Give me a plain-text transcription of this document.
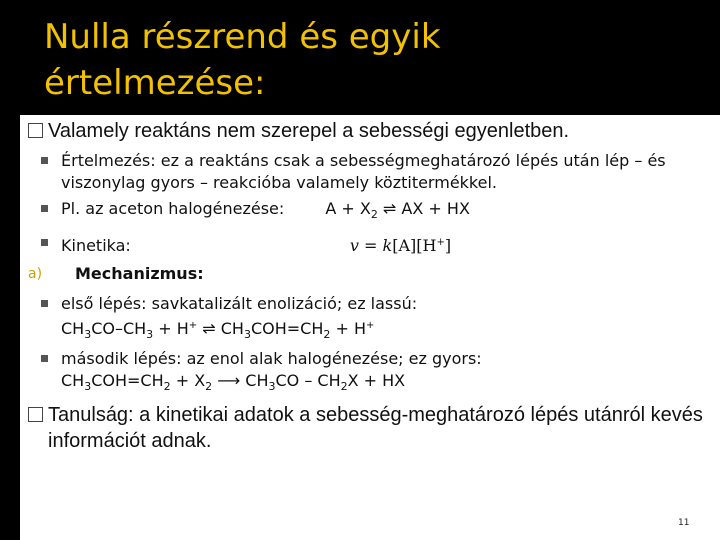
Nulla részrend és egyik
értelmezése:
Valamely reaktáns nem szerepel a sebességi egyenletben.
Értelmezés: ez a reaktáns csak a sebességmeghatározó lépés után lép – és viszonylag gyors – reakcióba valamely köztitermékkel.
Pl. az aceton halogénezése:	$A + X_2$ ⇌ AX + HX
Kinetika:	v = k[A][H+]
a) Mechanizmus:
első lépés: savkatalizált enolizáció; ez lassú:
$CH_3CO-CH_3 + H^+$ ⇌ $CH_3COH=CH_2 + H^+$
második lépés: az enol alak halogénezése; ez gyors:
$CH_3COH=CH_2 + X_2$ ⟶ $CH_3CO - CH_2X$ + HX
Tanulság: a kinetikai adatok a sebesség-meghatározó lépés utánról kevés információt adnak.
11
